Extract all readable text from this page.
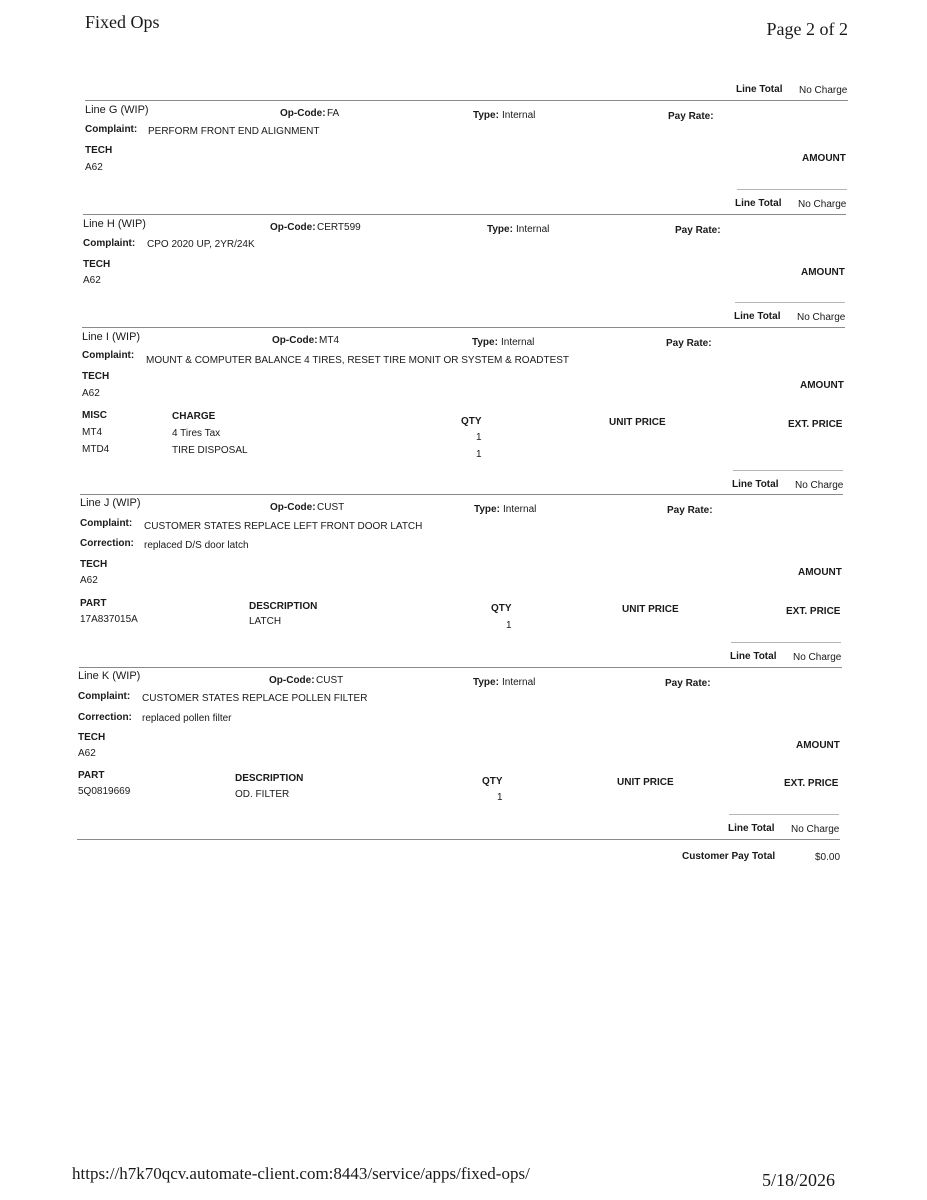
Fixed Ops	Page 2 of 2
Line Total No Charge
Line G (WIP)	Op-Code: FA	Type: Internal	Pay Rate:
Complaint: PERFORM FRONT END ALIGNMENT
TECH
A62
AMOUNT
Line Total No Charge
Line H (WIP)	Op-Code: CERT599	Type: Internal	Pay Rate:
Complaint: CPO 2020 UP, 2YR/24K
TECH
A62
AMOUNT
Line Total No Charge
Line I (WIP)	Op-Code: MT4	Type: Internal	Pay Rate:
Complaint: MOUNT & COMPUTER BALANCE 4 TIRES, RESET TIRE MONIT OR SYSTEM & ROADTEST
TECH
A62
AMOUNT
MISC	CHARGE	QTY	UNIT PRICE	EXT. PRICE
MT4	4 Tires Tax	1
MTD4	TIRE DISPOSAL	1
Line Total No Charge
Line J (WIP)	Op-Code: CUST	Type: Internal	Pay Rate:
Complaint: CUSTOMER STATES REPLACE LEFT FRONT DOOR LATCH
Correction: replaced D/S door latch
TECH
A62
AMOUNT
PART	DESCRIPTION	QTY	UNIT PRICE	EXT. PRICE
17A837015A	LATCH	1
Line Total No Charge
Line K (WIP)	Op-Code: CUST	Type: Internal	Pay Rate:
Complaint: CUSTOMER STATES REPLACE POLLEN FILTER
Correction: replaced pollen filter
TECH
A62
AMOUNT
PART	DESCRIPTION	QTY	UNIT PRICE	EXT. PRICE
5Q0819669	OD. FILTER	1
Line Total No Charge
Customer Pay Total	$0.00
https://h7k70qcv.automate-client.com:8443/service/apps/fixed-ops/	5/18/2026
